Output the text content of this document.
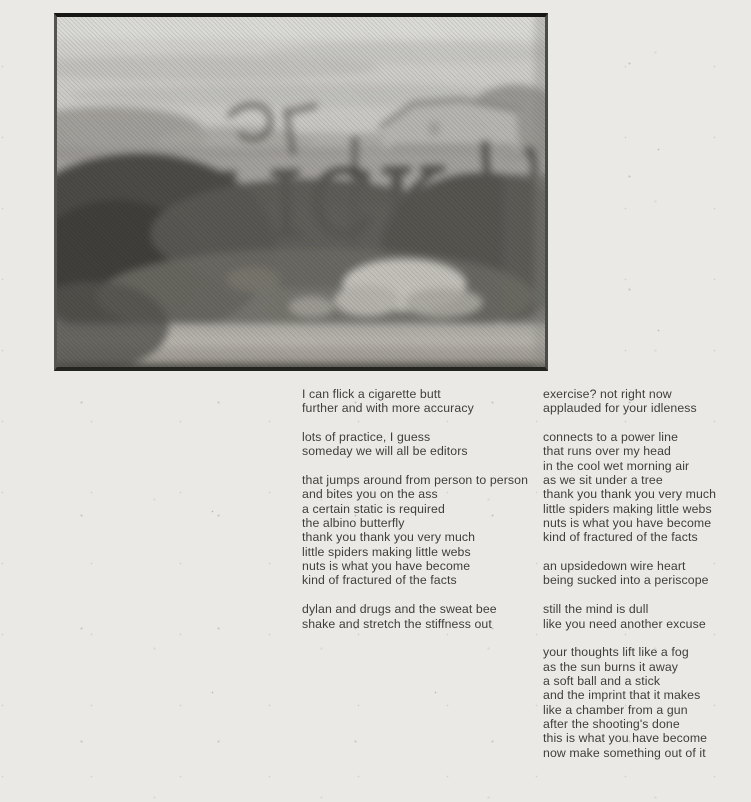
I can flick a cigarette butt
further and with more accuracy
lots of practice, I guess
someday we will all be editors
that jumps around from person to person
and bites you on the ass
a certain static is required
the albino butterfly
thank you thank you very much
little spiders making little webs
nuts is what you have become
kind of fractured of the facts
dylan and drugs and the sweat bee
shake and stretch the stiffness out
exercise? not right now
applauded for your idleness
connects to a power line
that runs over my head
in the cool wet morning air
as we sit under a tree
thank you thank you very much
little spiders making little webs
nuts is what you have become
kind of fractured of the facts
an upsidedown wire heart
being sucked into a periscope
still the mind is dull
like you need another excuse
your thoughts lift like a fog
as the sun burns it away
a soft ball and a stick
and the imprint that it makes
like a chamber from a gun
after the shooting's done
this is what you have become
now make something out of it
